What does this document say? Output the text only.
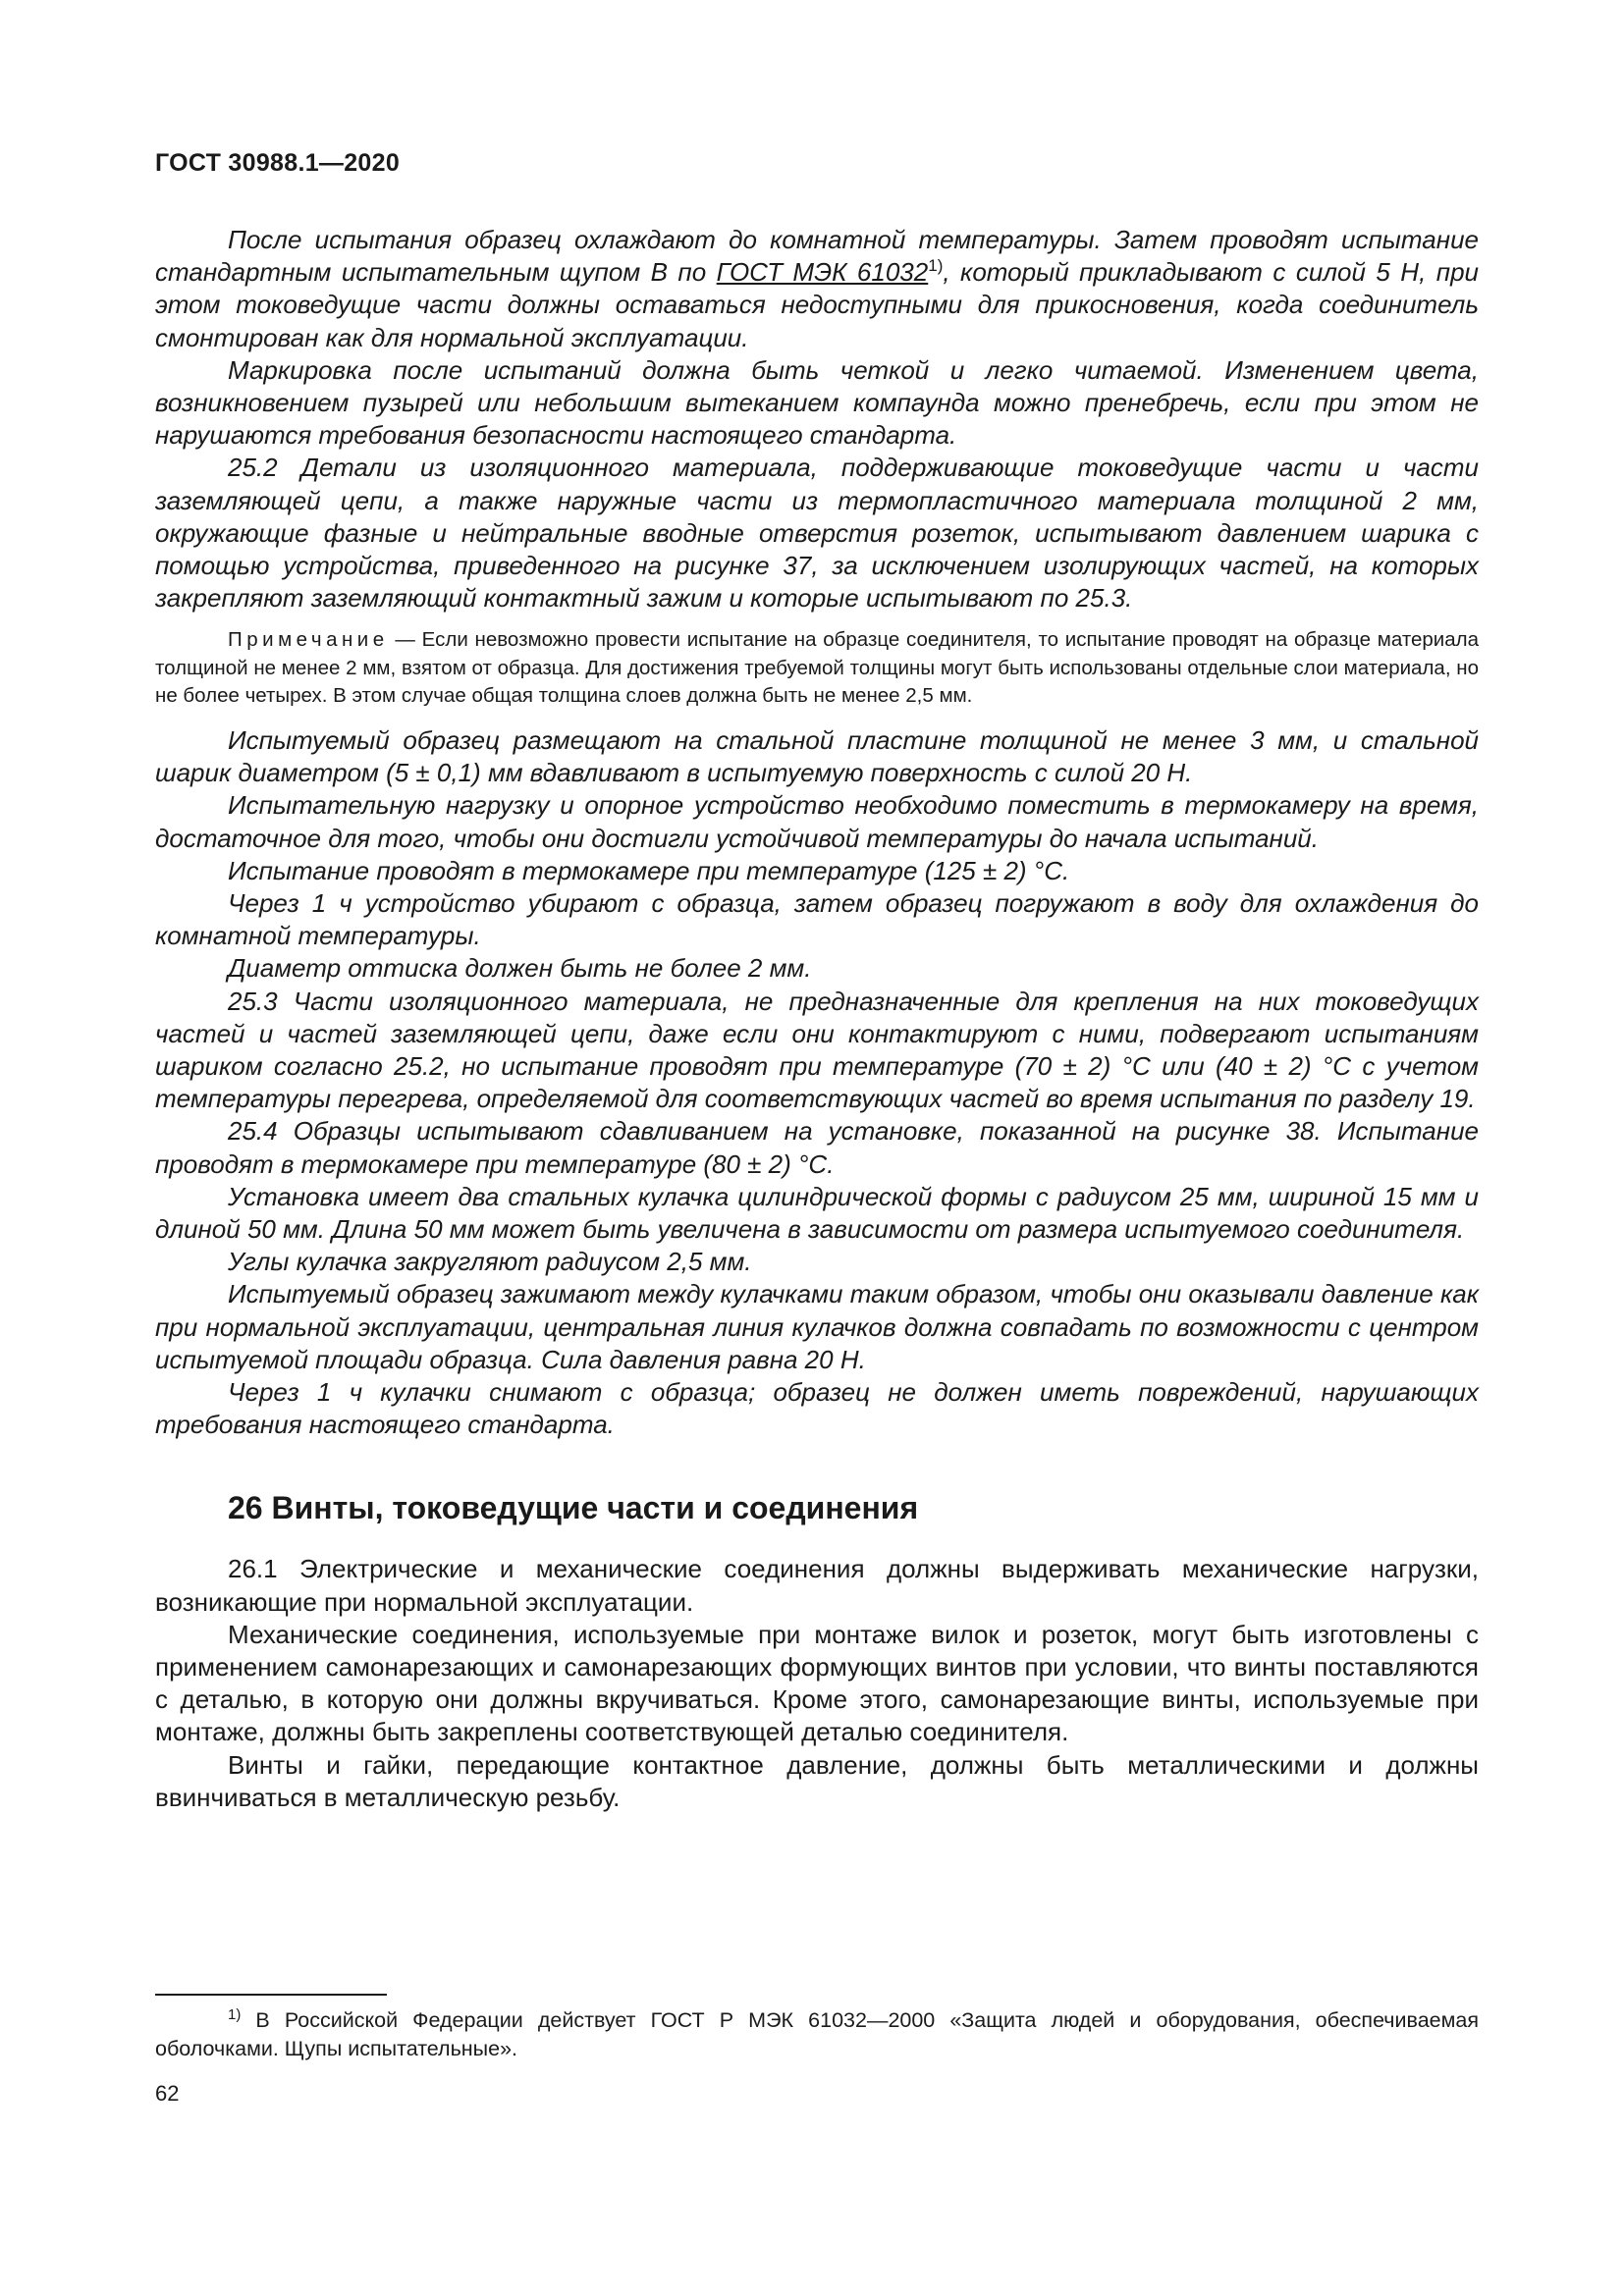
ГОСТ 30988.1—2020

После испытания образец охлаждают до комнатной температуры. Затем проводят испытание стандартным испытательным щупом В по ГОСТ МЭК 61032$^{1)}$, который прикладывают с силой 5 Н, при этом токоведущие части должны оставаться недоступными для прикосновения, когда соединитель смонтирован как для нормальной эксплуатации.

Маркировка после испытаний должна быть четкой и легко читаемой. Изменением цвета, возникновением пузырей или небольшим вытеканием компаунда можно пренебречь, если при этом не нарушаются требования безопасности настоящего стандарта.

25.2 Детали из изоляционного материала, поддерживающие токоведущие части и части заземляющей цепи, а также наружные части из термопластичного материала толщиной 2 мм, окружающие фазные и нейтральные вводные отверстия розеток, испытывают давлением шарика с помощью устройства, приведенного на рисунке 37, за исключением изолирующих частей, на которых закрепляют заземляющий контактный зажим и которые испытывают по 25.3.

Примечание — Если невозможно провести испытание на образце соединителя, то испытание проводят на образце материала толщиной не менее 2 мм, взятом от образца. Для достижения требуемой толщины могут быть использованы отдельные слои материала, но не более четырех. В этом случае общая толщина слоев должна быть не менее 2,5 мм.

Испытуемый образец размещают на стальной пластине толщиной не менее 3 мм, и стальной шарик диаметром (5 ± 0,1) мм вдавливают в испытуемую поверхность с силой 20 Н.

Испытательную нагрузку и опорное устройство необходимо поместить в термокамеру на время, достаточное для того, чтобы они достигли устойчивой температуры до начала испытаний.

Испытание проводят в термокамере при температуре (125 ± 2) °С.

Через 1 ч устройство убирают с образца, затем образец погружают в воду для охлаждения до комнатной температуры.

Диаметр оттиска должен быть не более 2 мм.

25.3 Части изоляционного материала, не предназначенные для крепления на них токоведущих частей и частей заземляющей цепи, даже если они контактируют с ними, подвергают испытаниям шариком согласно 25.2, но испытание проводят при температуре (70 ± 2) °С или (40 ± 2) °С с учетом температуры перегрева, определяемой для соответствующих частей во время испытания по разделу 19.

25.4 Образцы испытывают сдавливанием на установке, показанной на рисунке 38. Испытание проводят в термокамере при температуре (80 ± 2) °С.

Установка имеет два стальных кулачка цилиндрической формы с радиусом 25 мм, шириной 15 мм и длиной 50 мм. Длина 50 мм может быть увеличена в зависимости от размера испытуемого соединителя.

Углы кулачка закругляют радиусом 2,5 мм.

Испытуемый образец зажимают между кулачками таким образом, чтобы они оказывали давление как при нормальной эксплуатации, центральная линия кулачков должна совпадать по возможности с центром испытуемой площади образца. Сила давления равна 20 Н.

Через 1 ч кулачки снимают с образца; образец не должен иметь повреждений, нарушающих требования настоящего стандарта.

26 Винты, токоведущие части и соединения

26.1 Электрические и механические соединения должны выдерживать механические нагрузки, возникающие при нормальной эксплуатации.

Механические соединения, используемые при монтаже вилок и розеток, могут быть изготовлены с применением самонарезающих и самонарезающих формующих винтов при условии, что винты поставляются с деталью, в которую они должны вкручиваться. Кроме этого, самонарезающие винты, используемые при монтаже, должны быть закреплены соответствующей деталью соединителя.

Винты и гайки, передающие контактное давление, должны быть металлическими и должны ввинчиваться в металлическую резьбу.

$^{1)}$ В Российской Федерации действует ГОСТ Р МЭК 61032—2000 «Защита людей и оборудования, обеспечиваемая оболочками. Щупы испытательные».
62
